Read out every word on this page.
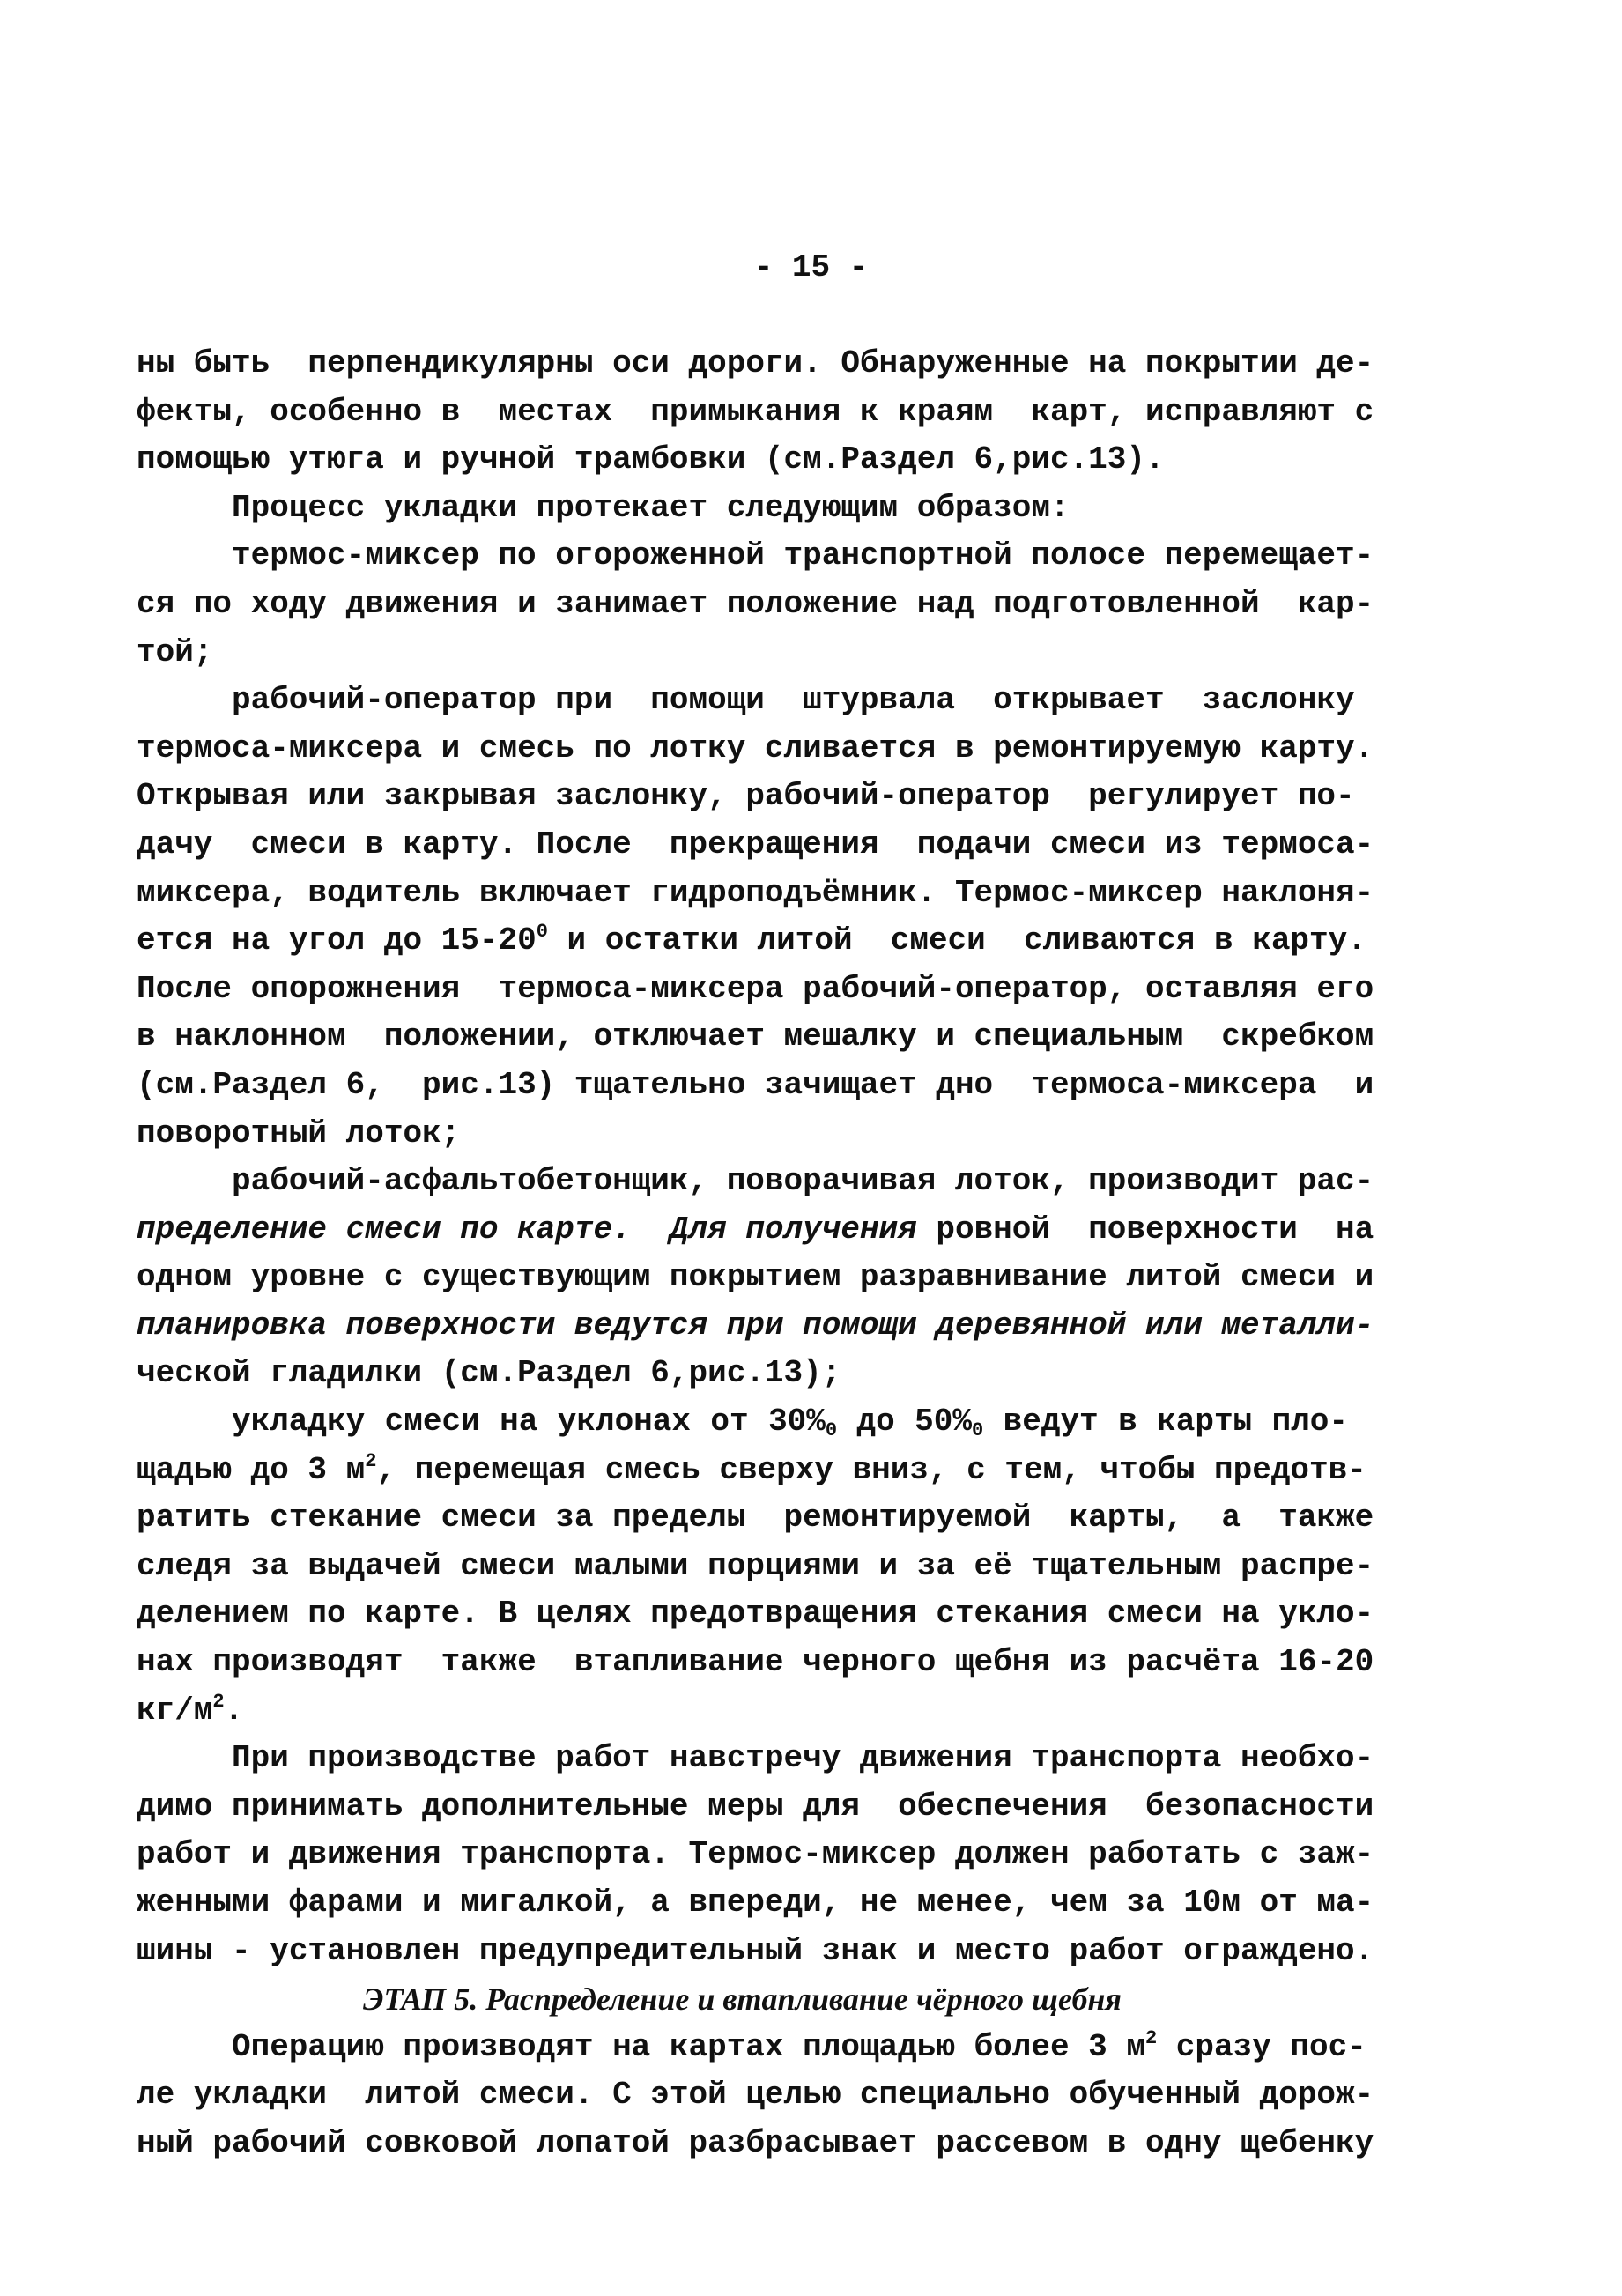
- 15 -
ны быть  перпендикулярны оси дороги. Обнаруженные на покрытии де-
фекты, особенно в  местах  примыкания к краям  карт, исправляют с
помощью утюга и ручной трамбовки (см.Раздел 6,рис.13).
Процесс укладки протекает следующим образом:
термос-миксер по огороженной транспортной полосе перемещает-
ся по ходу движения и занимает положение над подготовленной  кар-
той;
рабочий-оператор при  помощи  штурвала  открывает  заслонку
термоса-миксера и смесь по лотку сливается в ремонтируемую карту.
Открывая или закрывая заслонку, рабочий-оператор  регулирует по-
дачу  смеси в карту. После  прекращения  подачи смеси из термоса-
миксера, водитель включает гидроподъёмник. Термос-миксер наклоня-
ется на угол до $15-20^0$ и остатки литой  смеси  сливаются в карту.
После опорожнения  термоса-миксера рабочий-оператор, оставляя его
в наклонном  положении, отключает мешалку и специальным  скребком
(см.Раздел 6,  рис.13) тщательно зачищает дно  термоса-миксера  и
поворотный лоток;
рабочий-асфальтобетонщик, поворачивая лоток, производит рас-
пределение смеси по карте.  Для получения ровной  поверхности  на
одном уровне с существующим покрытием разравнивание литой смеси и
планировка поверхности ведутся при помощи деревянной или металли-
ческой гладилки (см.Раздел 6,рис.13);
укладку смеси на уклонах от $30\%_0$ до $50\%_0$ ведут в карты пло-
щадью до 3 $м^2$, перемещая смесь сверху вниз, с тем, чтобы предотв-
ратить стекание смеси за пределы  ремонтируемой  карты,  а  также
следя за выдачей смеси малыми порциями и за её тщательным распре-
делением по карте. В целях предотвращения стекания смеси на укло-
нах производят  также  втапливание черного щебня из расчёта 16-20
$кг/м^2$.
При производстве работ навстречу движения транспорта необхо-
димо принимать дополнительные меры для  обеспечения  безопасности
работ и движения транспорта. Термос-миксер должен работать с заж-
женными фарами и мигалкой, а впереди, не менее, чем за 10м от ма-
шины - установлен предупредительный знак и место работ ограждено.
ЭТАП 5. Распределение и втапливание чёрного щебня
Операцию производят на картах площадью более 3 $м^2$ сразу пос-
ле укладки  литой смеси. С этой целью специально обученный дорож-
ный рабочий совковой лопатой разбрасывает рассевом в одну щебенку
